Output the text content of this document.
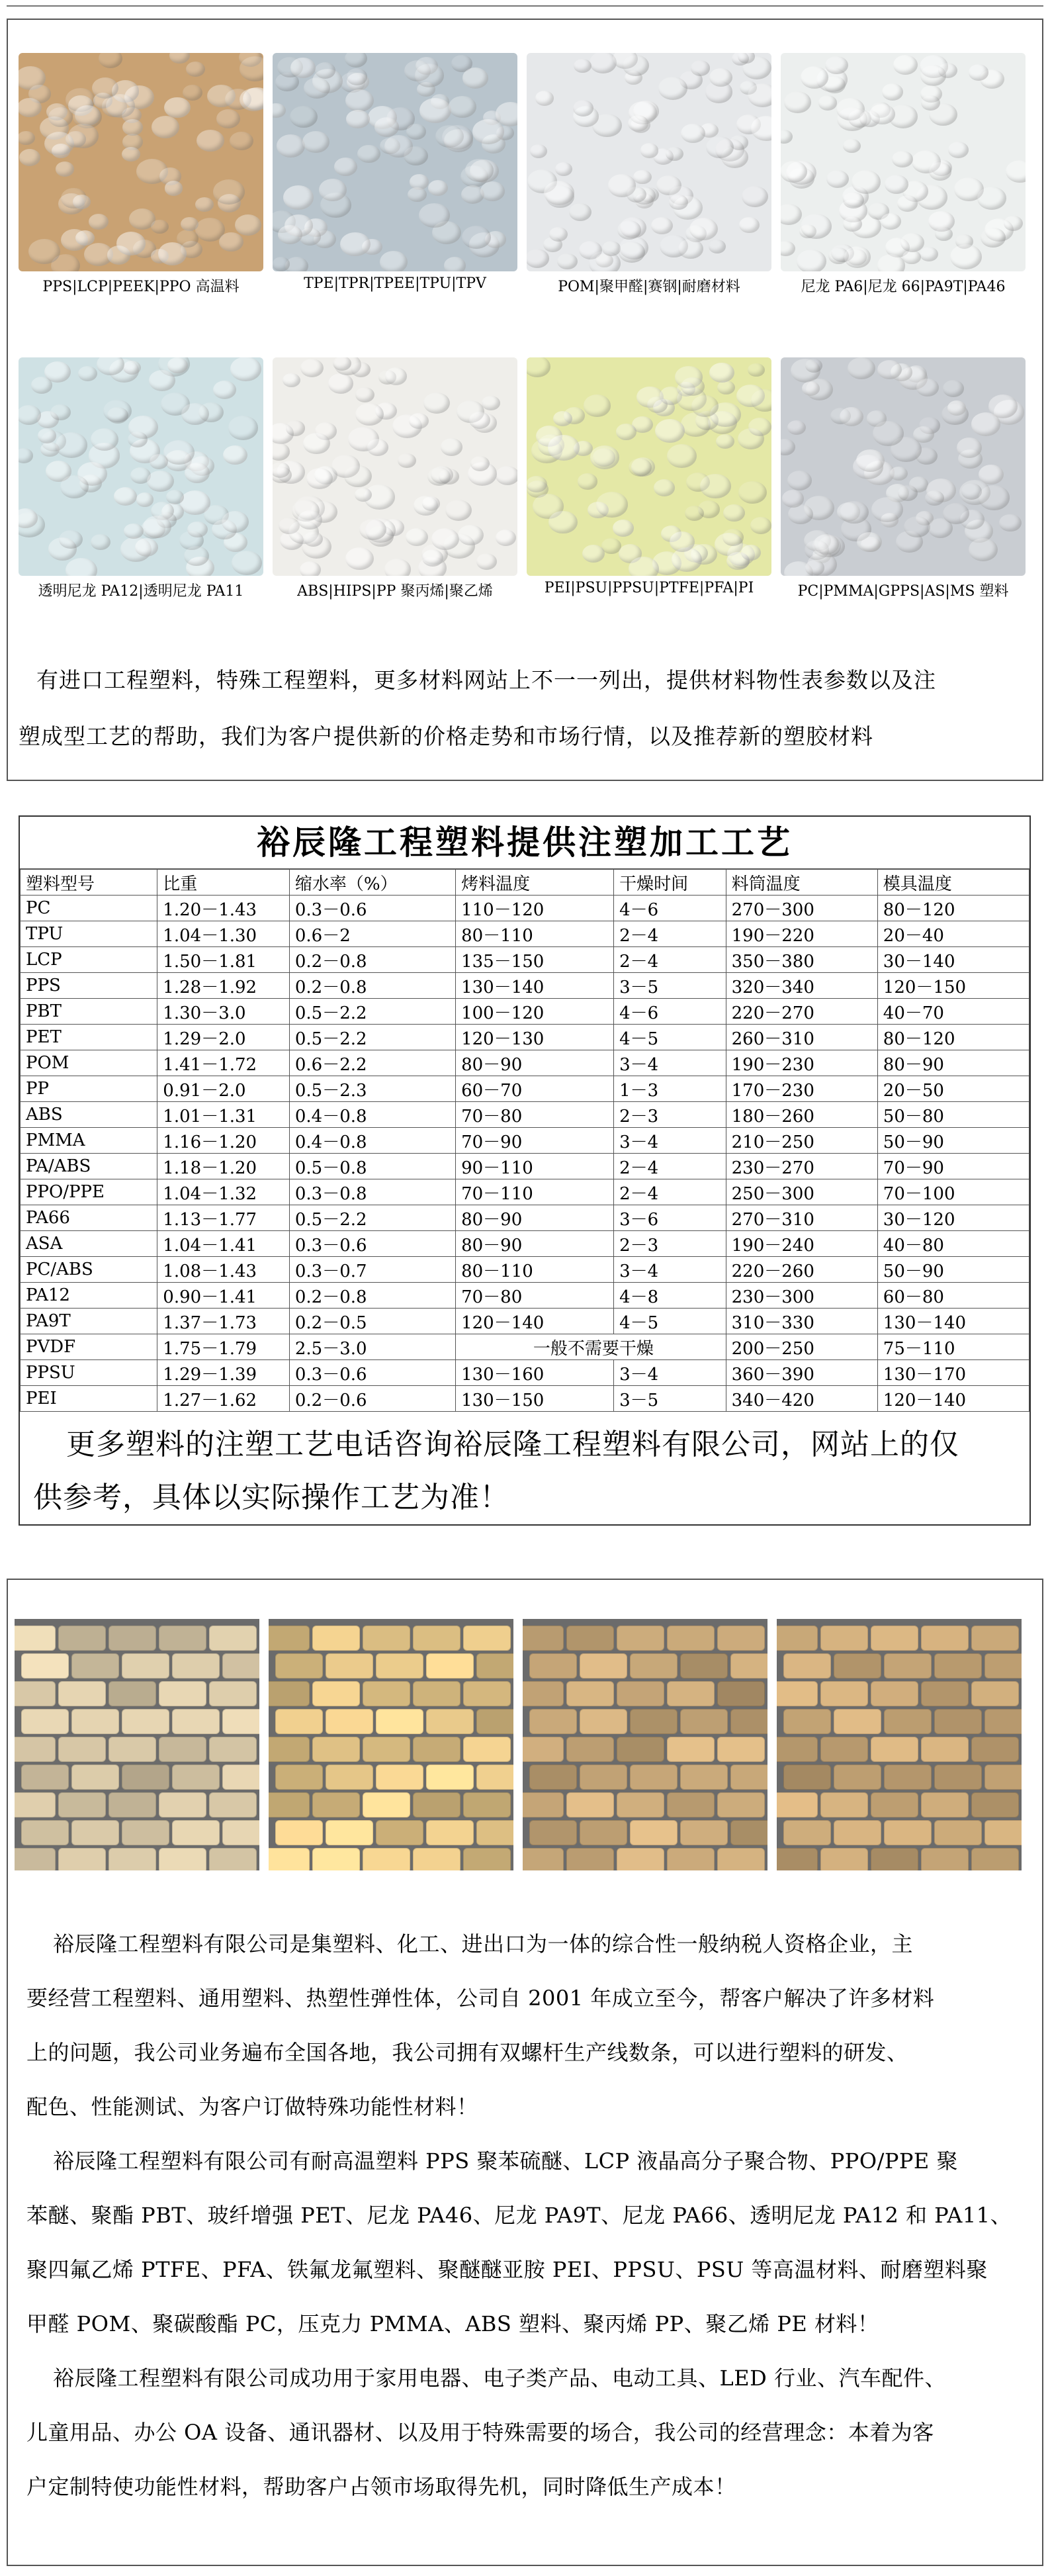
PPS|LCP|PEEK|PPO 高温料	TPE|TPR|TPEE|TPU|TPV	POM|聚甲醛|赛钢|耐磨材料	尼龙 PA6|尼龙 66|PA9T|PA46
透明尼龙 PA12|透明尼龙 PA11	ABS|HIPS|PP 聚丙烯|聚乙烯	PEI|PSU|PPSU|PTFE|PFA|PI	PC|PMMA|GPPS|AS|MS 塑料
有进口工程塑料，特殊工程塑料，更多材料网站上不一一列出，提供材料物性表参数以及注
塑成型工艺的帮助，我们为客户提供新的价格走势和市场行情，以及推荐新的塑胶材料
裕辰隆工程塑料提供注塑加工工艺
塑料型号	比重	缩水率（%）	烤料温度	干燥时间	料筒温度	模具温度
PC	1.20－1.43	0.3－0.6	110－120	4－6	270－300	80－120
TPU	1.04－1.30	0.6－2	80－110	2－4	190－220	20－40
LCP	1.50－1.81	0.2－0.8	135－150	2－4	350－380	30－140
PPS	1.28－1.92	0.2－0.8	130－140	3－5	320－340	120－150
PBT	1.30－3.0	0.5－2.2	100－120	4－6	220－270	40－70
PET	1.29－2.0	0.5－2.2	120－130	4－5	260－310	80－120
POM	1.41－1.72	0.6－2.2	80－90	3－4	190－230	80－90
PP	0.91－2.0	0.5－2.3	60－70	1－3	170－230	20－50
ABS	1.01－1.31	0.4－0.8	70－80	2－3	180－260	50－80
PMMA	1.16－1.20	0.4－0.8	70－90	3－4	210－250	50－90
PA/ABS	1.18－1.20	0.5－0.8	90－110	2－4	230－270	70－90
PPO/PPE	1.04－1.32	0.3－0.8	70－110	2－4	250－300	70－100
PA66	1.13－1.77	0.5－2.2	80－90	3－6	270－310	30－120
ASA	1.04－1.41	0.3－0.6	80－90	2－3	190－240	40－80
PC/ABS	1.08－1.43	0.3－0.7	80－110	3－4	220－260	50－90
PA12	0.90－1.41	0.2－0.8	70－80	4－8	230－300	60－80
PA9T	1.37－1.73	0.2－0.5	120－140	4－5	310－330	130－140
PVDF	1.75－1.79	2.5－3.0	一般不需要干燥		200－250	75－110
PPSU	1.29－1.39	0.3－0.6	130－160	3－4	360－390	130－170
PEI	1.27－1.62	0.2－0.6	130－150	3－5	340－420	120－140
更多塑料的注塑工艺电话咨询裕辰隆工程塑料有限公司，网站上的仅
供参考，具体以实际操作工艺为准！
裕辰隆工程塑料有限公司是集塑料、化工、进出口为一体的综合性一般纳税人资格企业，主
要经营工程塑料、通用塑料、热塑性弹性体，公司自 2001 年成立至今，帮客户解决了许多材料
上的问题，我公司业务遍布全国各地，我公司拥有双螺杆生产线数条，可以进行塑料的研发、
配色、性能测试、为客户订做特殊功能性材料！
裕辰隆工程塑料有限公司有耐高温塑料 PPS 聚苯硫醚、LCP 液晶高分子聚合物、PPO/PPE 聚
苯醚、聚酯 PBT、玻纤增强 PET、尼龙 PA46、尼龙 PA9T、尼龙 PA66、透明尼龙 PA12 和 PA11、
聚四氟乙烯 PTFE、PFA、铁氟龙氟塑料、聚醚醚亚胺 PEI、PPSU、PSU 等高温材料、耐磨塑料聚
甲醛 POM、聚碳酸酯 PC，压克力 PMMA、ABS 塑料、聚丙烯 PP、聚乙烯 PE 材料！
裕辰隆工程塑料有限公司成功用于家用电器、电子类产品、电动工具、LED 行业、汽车配件、
儿童用品、办公 OA 设备、通讯器材、以及用于特殊需要的场合，我公司的经营理念：本着为客
户定制特使功能性材料，帮助客户占领市场取得先机，同时降低生产成本！
